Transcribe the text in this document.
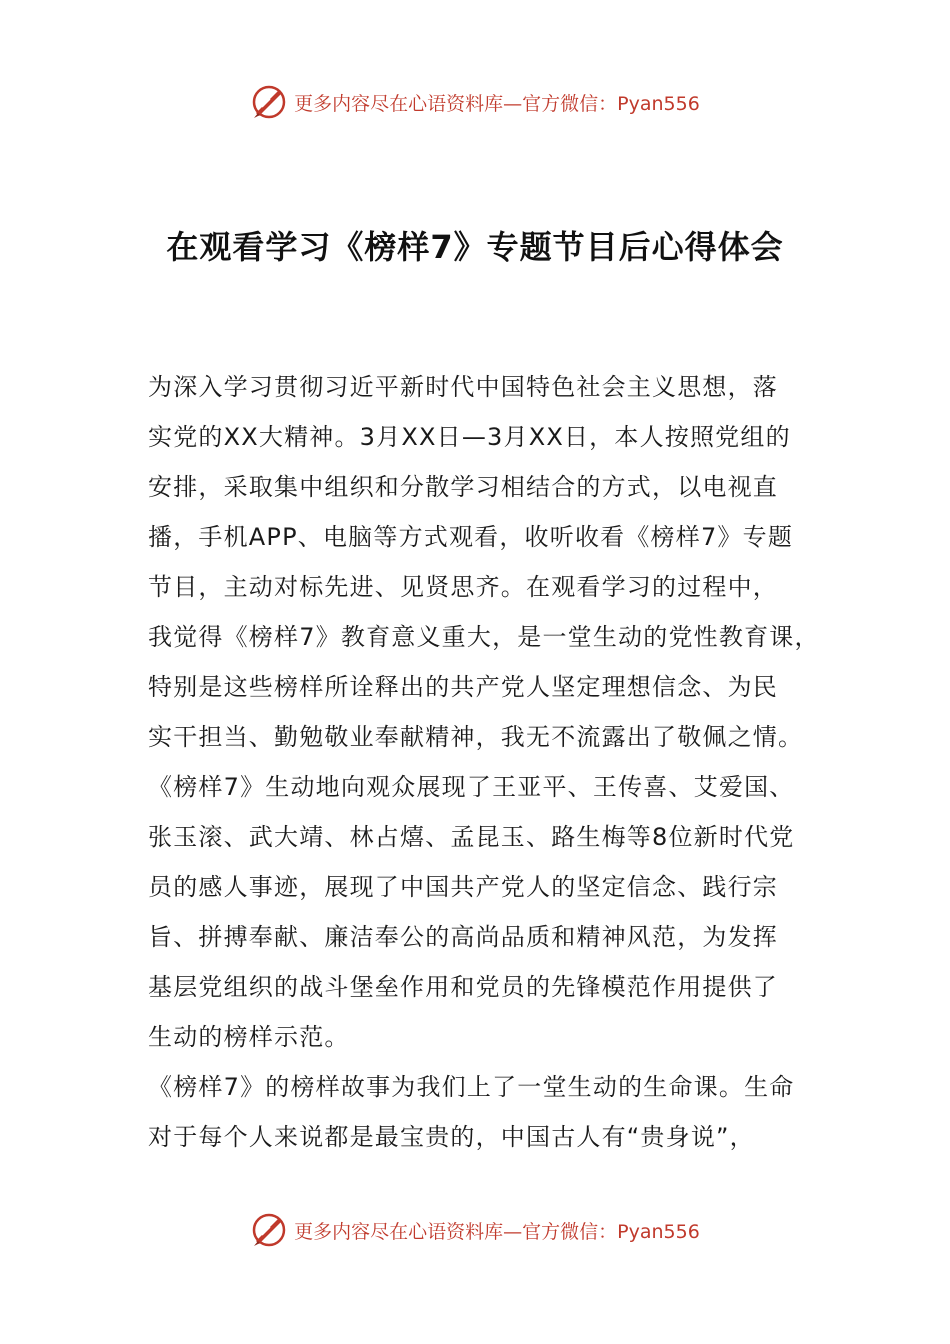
更多内容尽在心语资料库—官方微信：Pyan556
在观看学习《榜样7》专题节目后心得体会
为深入学习贯彻习近平新时代中国特色社会主义思想，落
实党的XX大精神。3月XX日—3月XX日，本人按照党组的
安排，采取集中组织和分散学习相结合的方式，以电视直
播，手机APP、电脑等方式观看，收听收看《榜样7》专题
节目，主动对标先进、见贤思齐。在观看学习的过程中，
我觉得《榜样7》教育意义重大，是一堂生动的党性教育课，
特别是这些榜样所诠释出的共产党人坚定理想信念、为民
实干担当、勤勉敬业奉献精神，我无不流露出了敬佩之情。
《榜样7》生动地向观众展现了王亚平、王传喜、艾爱国、
张玉滚、武大靖、林占熺、孟昆玉、路生梅等8位新时代党
员的感人事迹，展现了中国共产党人的坚定信念、践行宗
旨、拼搏奉献、廉洁奉公的高尚品质和精神风范，为发挥
基层党组织的战斗堡垒作用和党员的先锋模范作用提供了
生动的榜样示范。
《榜样7》的榜样故事为我们上了一堂生动的生命课。生命
对于每个人来说都是最宝贵的，中国古人有“贵身说”，
更多内容尽在心语资料库—官方微信：Pyan556
